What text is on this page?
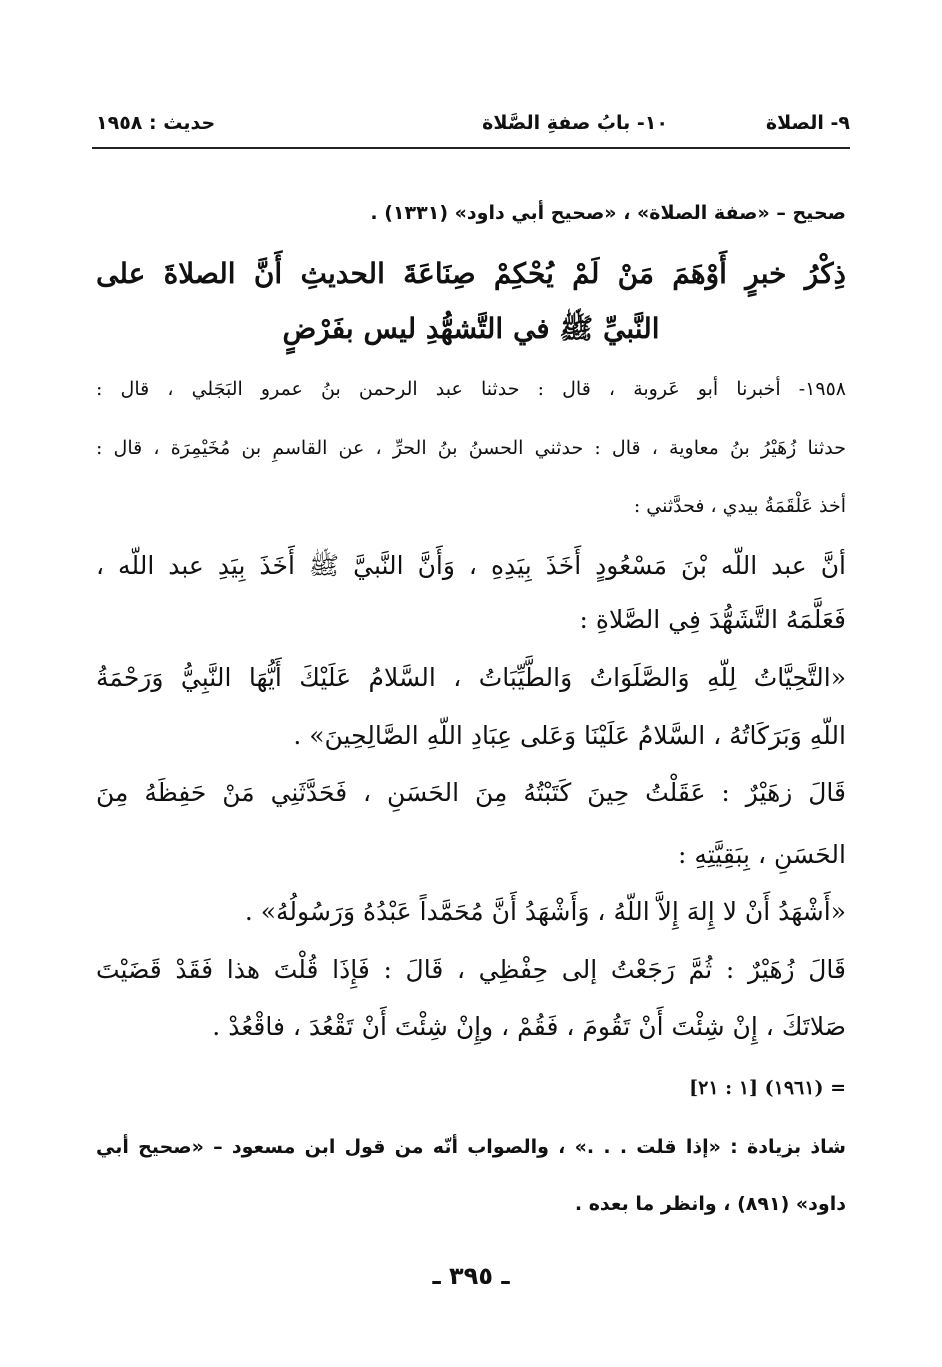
٩- الصلاة
١٠- بابُ صفةِ الصَّلاة
حديث : ١٩٥٨
صحيح – «صفة الصلاة» ، «صحيح أبي داود» (١٣٣١) .
ذِكْرُ خبرٍ أَوْهَمَ مَنْ لَمْ يُحْكِمْ صِنَاعَةَ الحديثِ أَنَّ الصلاةَ على
النَّبيِّ ﷺ في التَّشهُّدِ ليس بفَرْضٍ
١٩٥٨- أخبرنا أبو عَروبة ، قال : حدثنا عبد الرحمن بنُ عمرو البَجَلي ، قال :
حدثنا زُهَيْرُ بنُ معاوية ، قال : حدثني الحسنُ بنُ الحرِّ ، عن القاسمِ بن مُخَيْمِرَة ، قال :
أخذ عَلْقَمَةُ بيدي ، فحدَّثني :
أنَّ عبد اللّه بْنَ مَسْعُودٍ أَخَذَ بِيَدِهِ ، وَأَنَّ النَّبيَّ ﷺ أَخَذَ بِيَدِ عبد اللّه ،
فَعَلَّمَهُ التَّشَهُّدَ فِي الصَّلاةِ :
«التَّحِيَّاتُ لِلّهِ وَالصَّلَوَاتُ وَالطَّيِّبَاتُ ، السَّلامُ عَلَيْكَ أَيُّهَا النَّبِيُّ وَرَحْمَةُ
اللّهِ وَبَرَكَاتُهُ ، السَّلامُ عَلَيْنَا وَعَلى عِبَادِ اللّهِ الصَّالِحِينَ» .
قَالَ زهَيْرٌ : عَقَلْتُ حِينَ كَتَبْتُهُ مِنَ الحَسَنِ ، فَحَدَّثَنِي مَنْ حَفِظَهُ مِنَ
الحَسَنِ ، بِبَقِيَّتِهِ :
«أَشْهَدُ أَنْ لا إِلهَ إِلاَّ اللّهُ ، وَأَشْهَدُ أَنَّ مُحَمَّداً عَبْدُهُ وَرَسُولُهُ» .
قَالَ زُهَيْرٌ : ثُمَّ رَجَعْتُ إلى حِفْظِي ، قَالَ : فَإِذَا قُلْتَ هذا فَقَدْ قَضَيْتَ
صَلاتَكَ ، إِنْ شِئْتَ أَنْ تَقُومَ ، فَقُمْ ، وإِنْ شِئْتَ أَنْ تَقْعُدَ ، فاقْعُدْ .
= (١٩٦١) [١ : ٢١]
شاذ بزيادة : «إذا قلت . . .» ، والصواب أنّه من قول ابن مسعود – «صحيح أبي
داود» (٨٩١) ، وانظر ما بعده .
ـ ٣٩٥ ـ
